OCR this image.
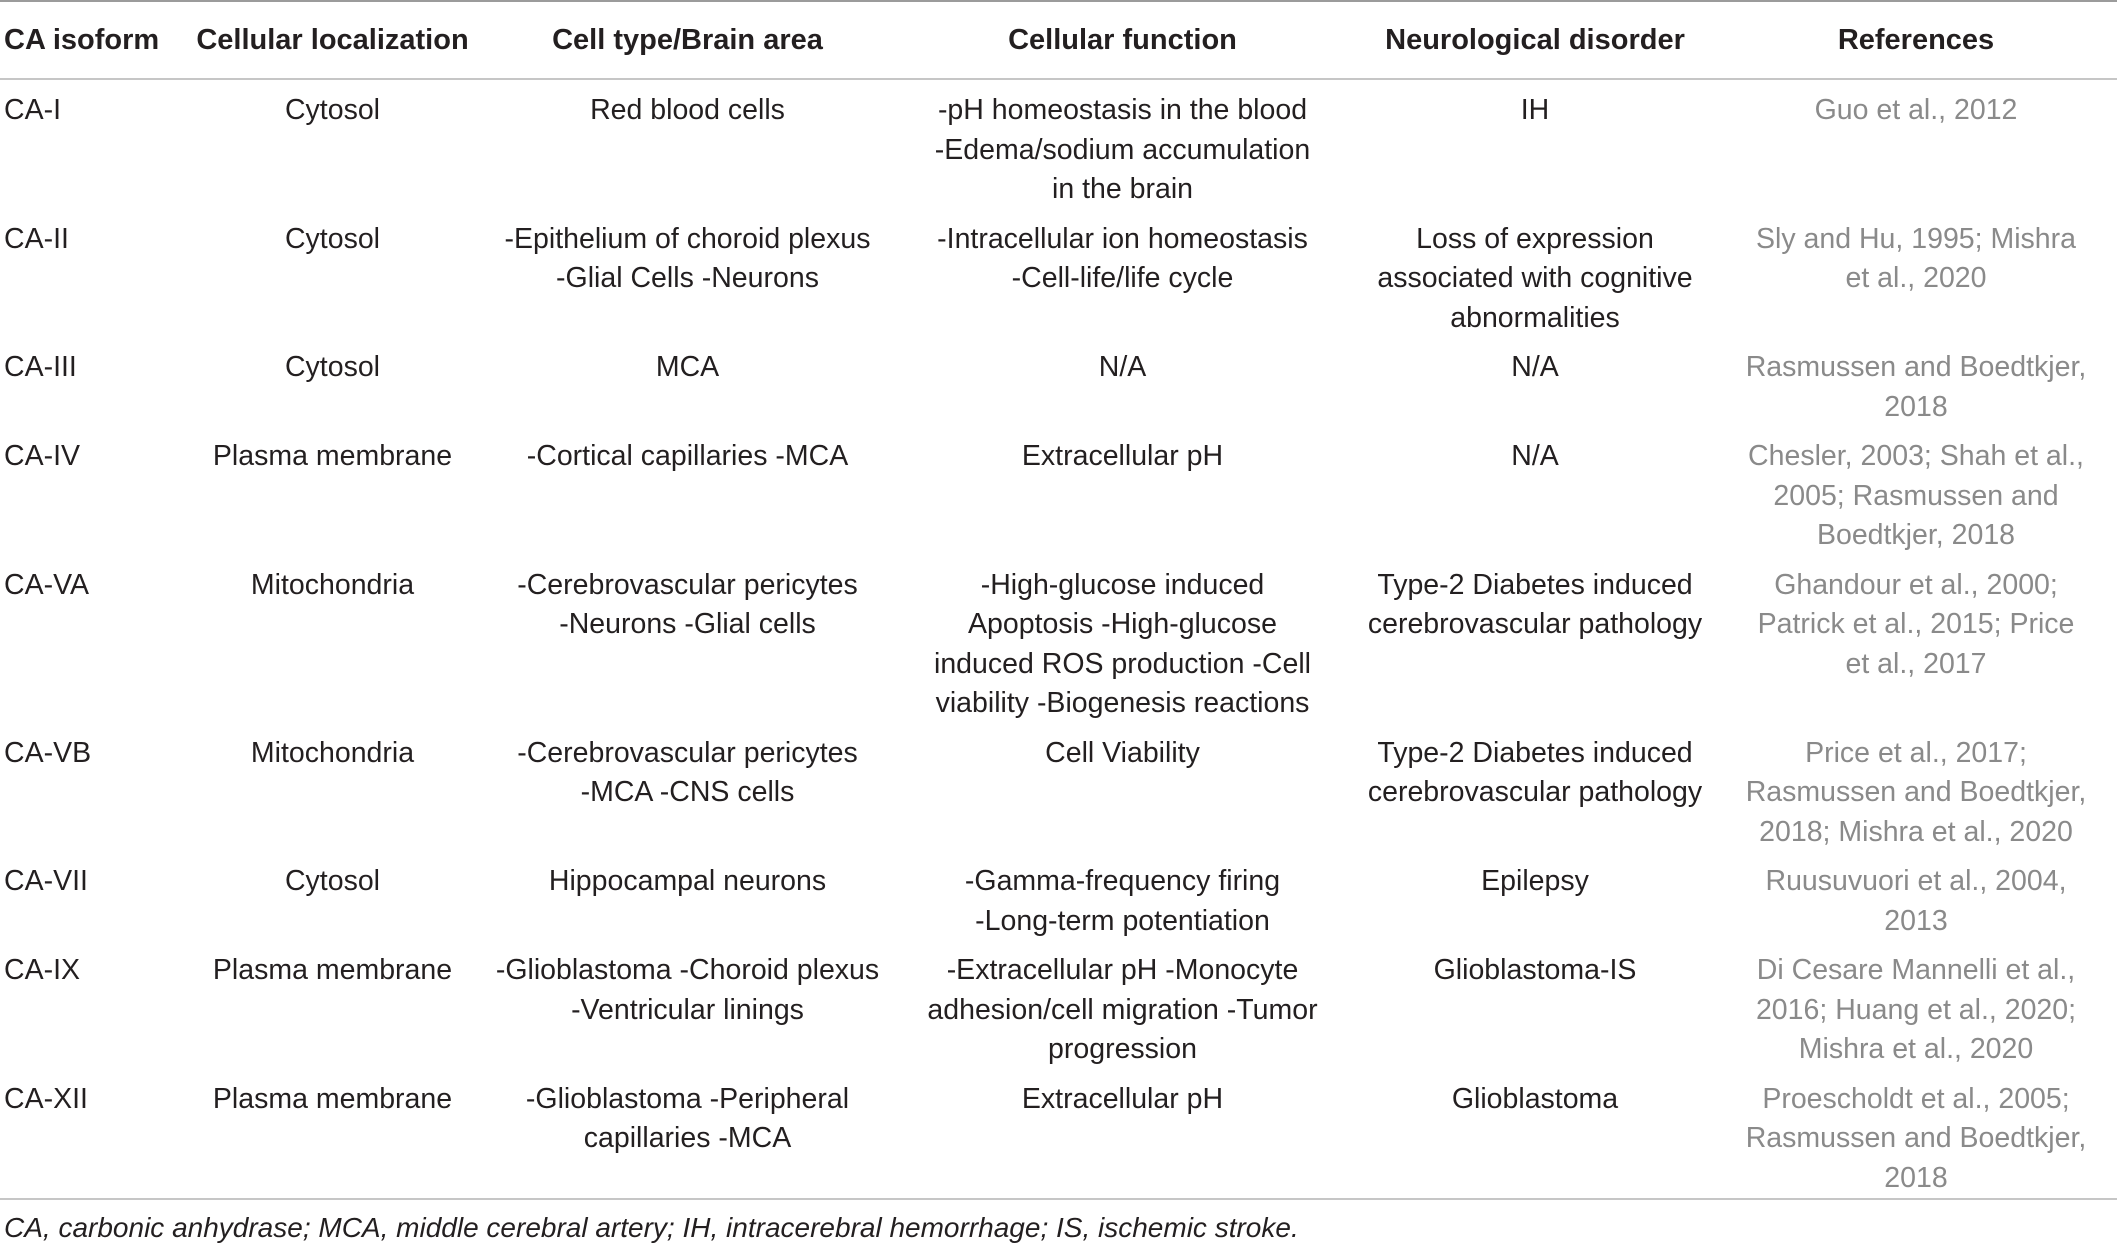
CA isoform	Cellular localization	Cell type/Brain area	Cellular function	Neurological disorder	References
CA-I	Cytosol	Red blood cells	-pH homeostasis in the blood
-Edema/sodium accumulation
in the brain	IH	Guo et al., 2012

CA-II	Cytosol	-Epithelium of choroid plexus
-Glial Cells -Neurons	-Intracellular ion homeostasis
-Cell-life/life cycle	Loss of expression
associated with cognitive
abnormalities	Sly and Hu, 1995; Mishra
et al., 2020

CA-III	Cytosol	MCA	N/A	N/A	Rasmussen and Boedtkjer,
2018

CA-IV	Plasma membrane	-Cortical capillaries -MCA	Extracellular pH	N/A	Chesler, 2003; Shah et al.,
2005; Rasmussen and
Boedtkjer, 2018

CA-VA	Mitochondria	-Cerebrovascular pericytes
-Neurons -Glial cells	-High-glucose induced
Apoptosis -High-glucose
induced ROS production -Cell
viability -Biogenesis reactions	Type-2 Diabetes induced
cerebrovascular pathology	Ghandour et al., 2000;
Patrick et al., 2015; Price
et al., 2017

CA-VB	Mitochondria	-Cerebrovascular pericytes
-MCA -CNS cells	Cell Viability	Type-2 Diabetes induced
cerebrovascular pathology	Price et al., 2017;
Rasmussen and Boedtkjer,
2018; Mishra et al., 2020

CA-VII	Cytosol	Hippocampal neurons	-Gamma-frequency firing
-Long-term potentiation	Epilepsy	Ruusuvuori et al., 2004,
2013

CA-IX	Plasma membrane	-Glioblastoma -Choroid plexus
-Ventricular linings	-Extracellular pH -Monocyte
adhesion/cell migration -Tumor
progression	Glioblastoma-IS	Di Cesare Mannelli et al.,
2016; Huang et al., 2020;
Mishra et al., 2020

CA-XII	Plasma membrane	-Glioblastoma -Peripheral
capillaries -MCA	Extracellular pH	Glioblastoma	Proescholdt et al., 2005;
Rasmussen and Boedtkjer,
2018
CA, carbonic anhydrase; MCA, middle cerebral artery; IH, intracerebral hemorrhage; IS, ischemic stroke.
